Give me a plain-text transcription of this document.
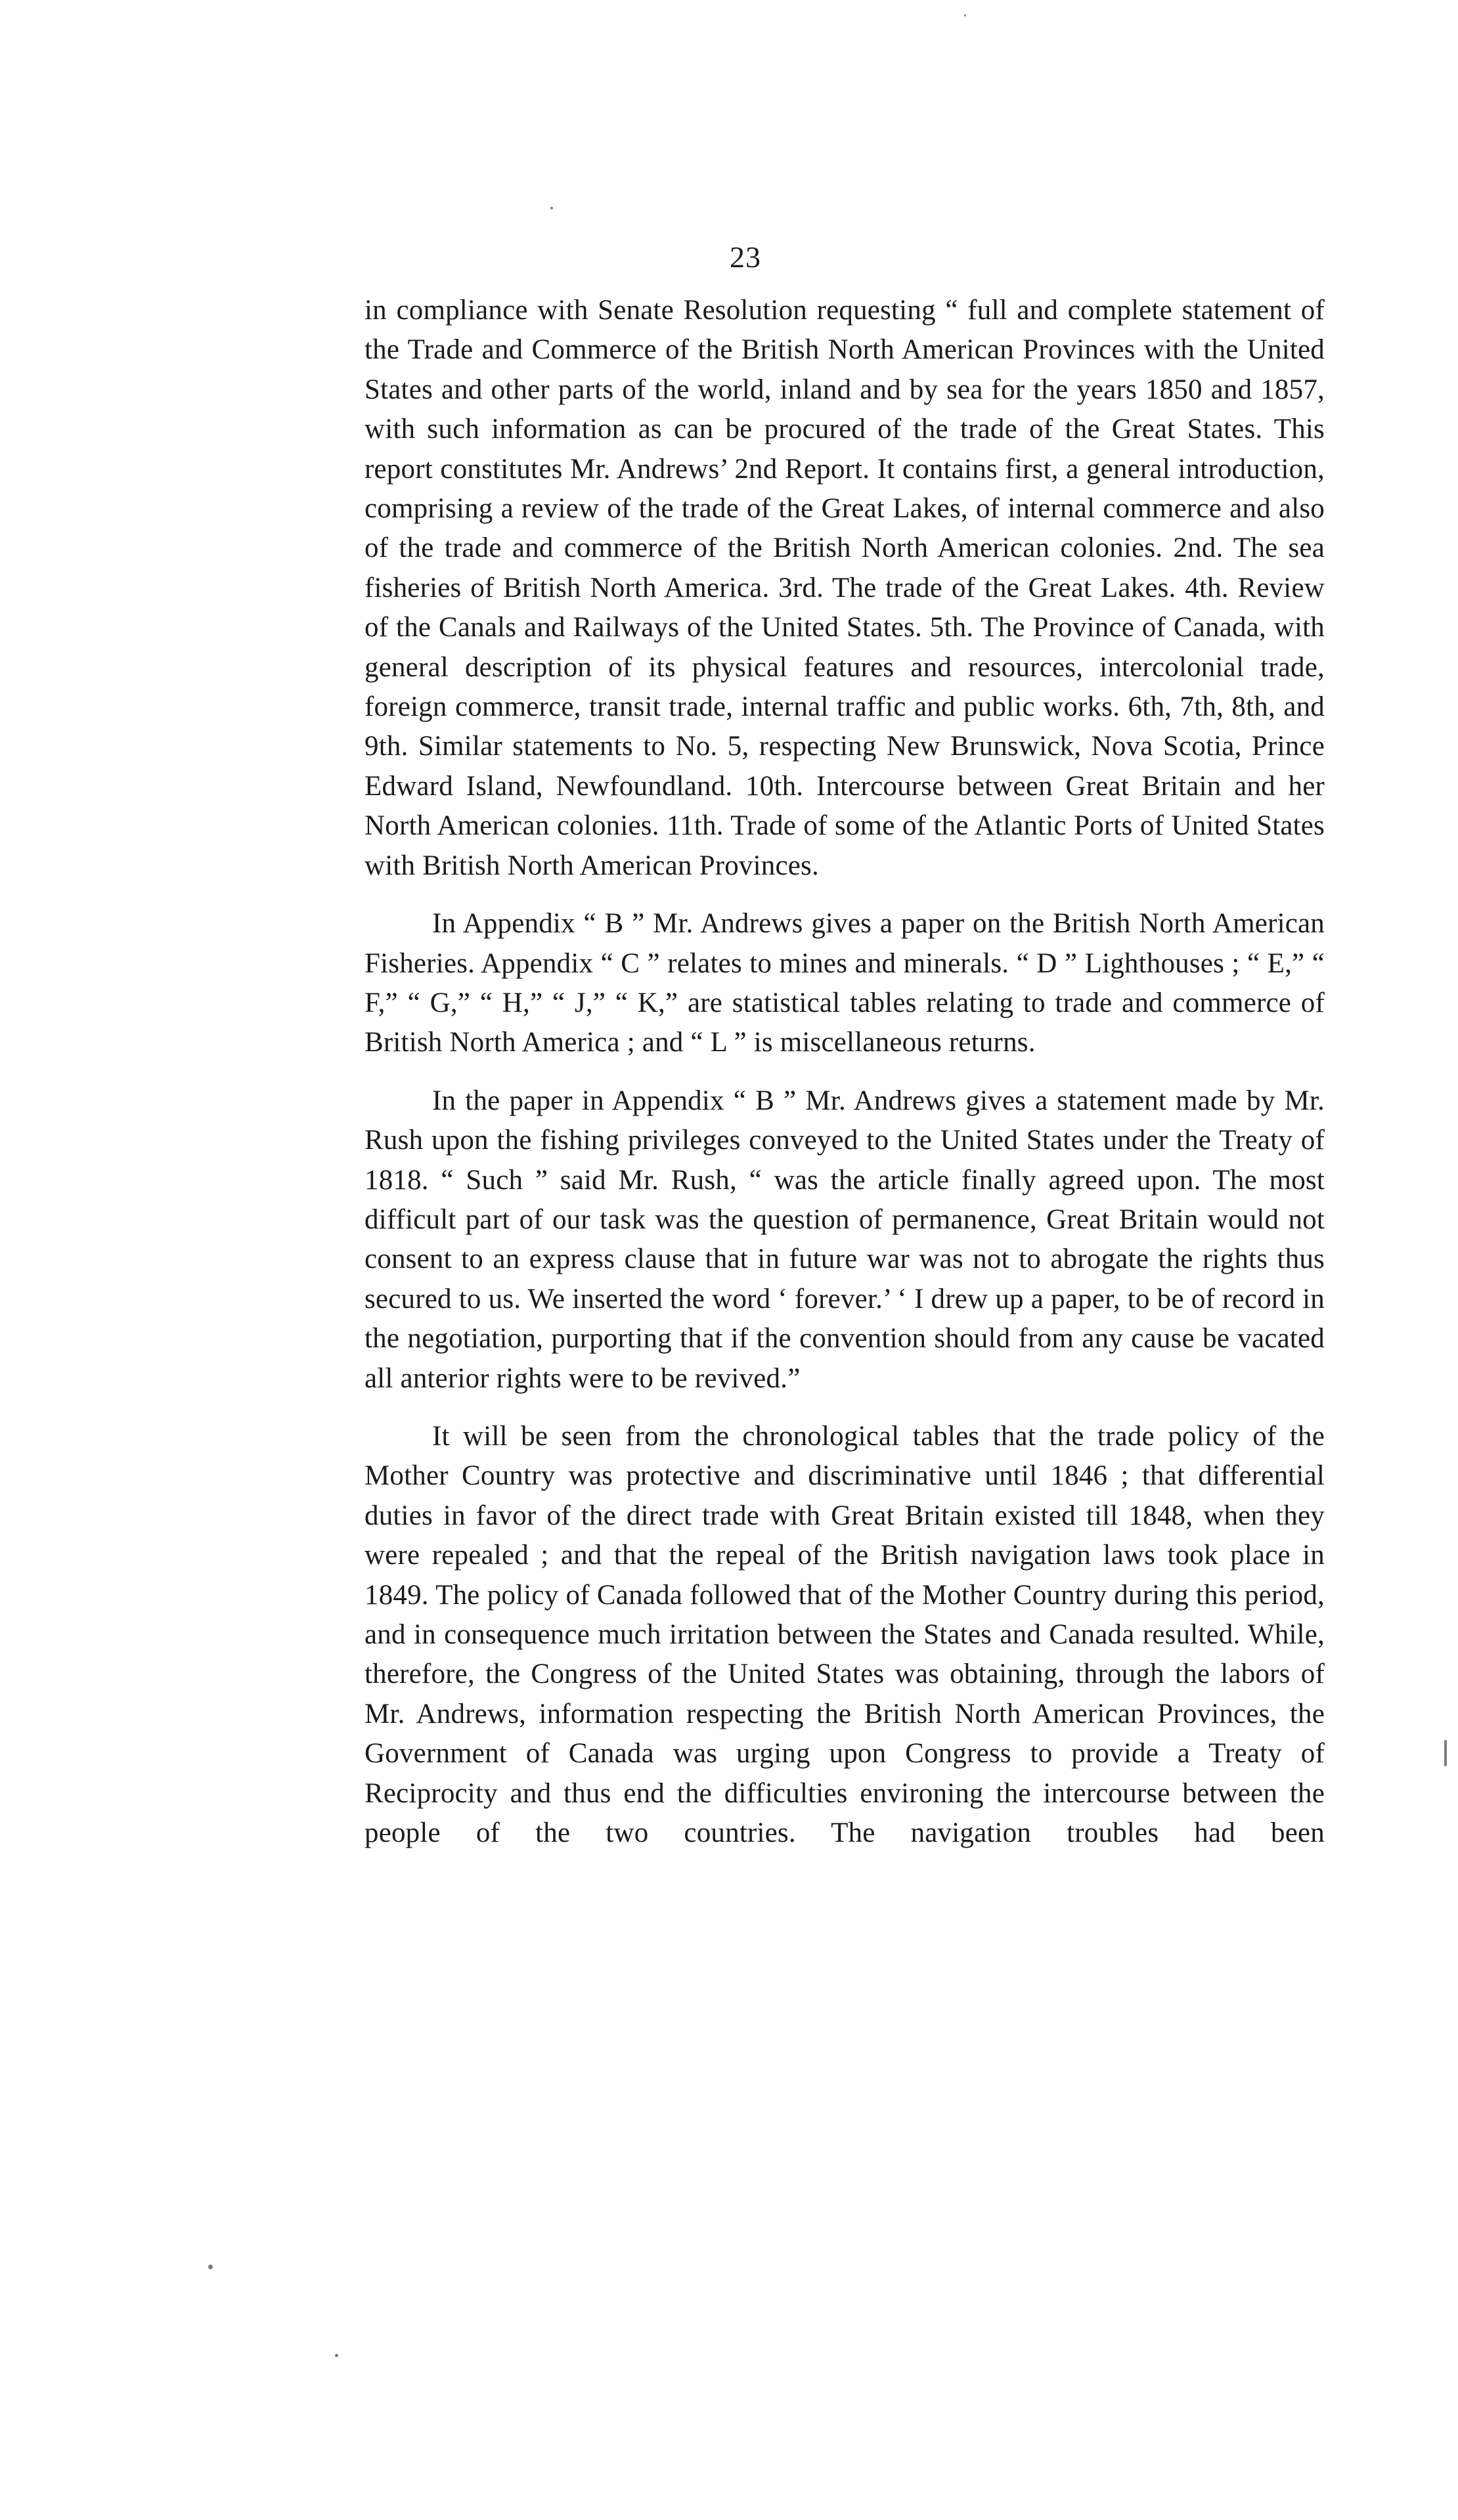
23

in compliance with Senate Resolution requesting “ full and complete statement of the Trade and Commerce of the British North American Provinces with the United States and other parts of the world, inland and by sea for the years 1850 and 1857, with such information as can be procured of the trade of the Great States. This report constitutes Mr. Andrews’ 2nd Report. It contains first, a general introduction, comprising a review of the trade of the Great Lakes, of internal commerce and also of the trade and commerce of the British North American colonies. 2nd. The sea fisheries of British North America. 3rd. The trade of the Great Lakes. 4th. Review of the Canals and Railways of the United States. 5th. The Province of Canada, with general description of its physical features and resources, intercolonial trade, foreign commerce, transit trade, internal traffic and public works. 6th, 7th, 8th, and 9th. Similar statements to No. 5, respecting New Brunswick, Nova Scotia, Prince Edward Island, Newfoundland. 10th. Intercourse between Great Britain and her North American colonies. 11th. Trade of some of the Atlantic Ports of United States with British North American Provinces.

In Appendix “ B ” Mr. Andrews gives a paper on the British North American Fisheries. Appendix “ C ” relates to mines and minerals. “ D ” Lighthouses ; “ E,” “ F,” “ G,” “ H,” “ J,” “ K,” are statistical tables relating to trade and commerce of British North America ; and “ L ” is miscellaneous returns.

In the paper in Appendix “ B ” Mr. Andrews gives a statement made by Mr. Rush upon the fishing privileges conveyed to the United States under the Treaty of 1818. “ Such ” said Mr. Rush, “ was the article finally agreed upon. The most difficult part of our task was the question of permanence, Great Britain would not consent to an express clause that in future war was not to abrogate the rights thus secured to us. We inserted the word ‘ forever.’ ‘ I drew up a paper, to be of record in the negotiation, purporting that if the convention should from any cause be vacated all anterior rights were to be revived.”

It will be seen from the chronological tables that the trade policy of the Mother Country was protective and discriminative until 1846 ; that differential duties in favor of the direct trade with Great Britain existed till 1848, when they were repealed ; and that the repeal of the British navigation laws took place in 1849. The policy of Canada followed that of the Mother Country during this period, and in consequence much irritation between the States and Canada resulted. While, therefore, the Congress of the United States was obtaining, through the labors of Mr. Andrews, information respecting the British North American Provinces, the Government of Canada was urging upon Congress to provide a Treaty of Reciprocity and thus end the difficulties environing the intercourse between the people of the two countries. The navigation troubles had been
